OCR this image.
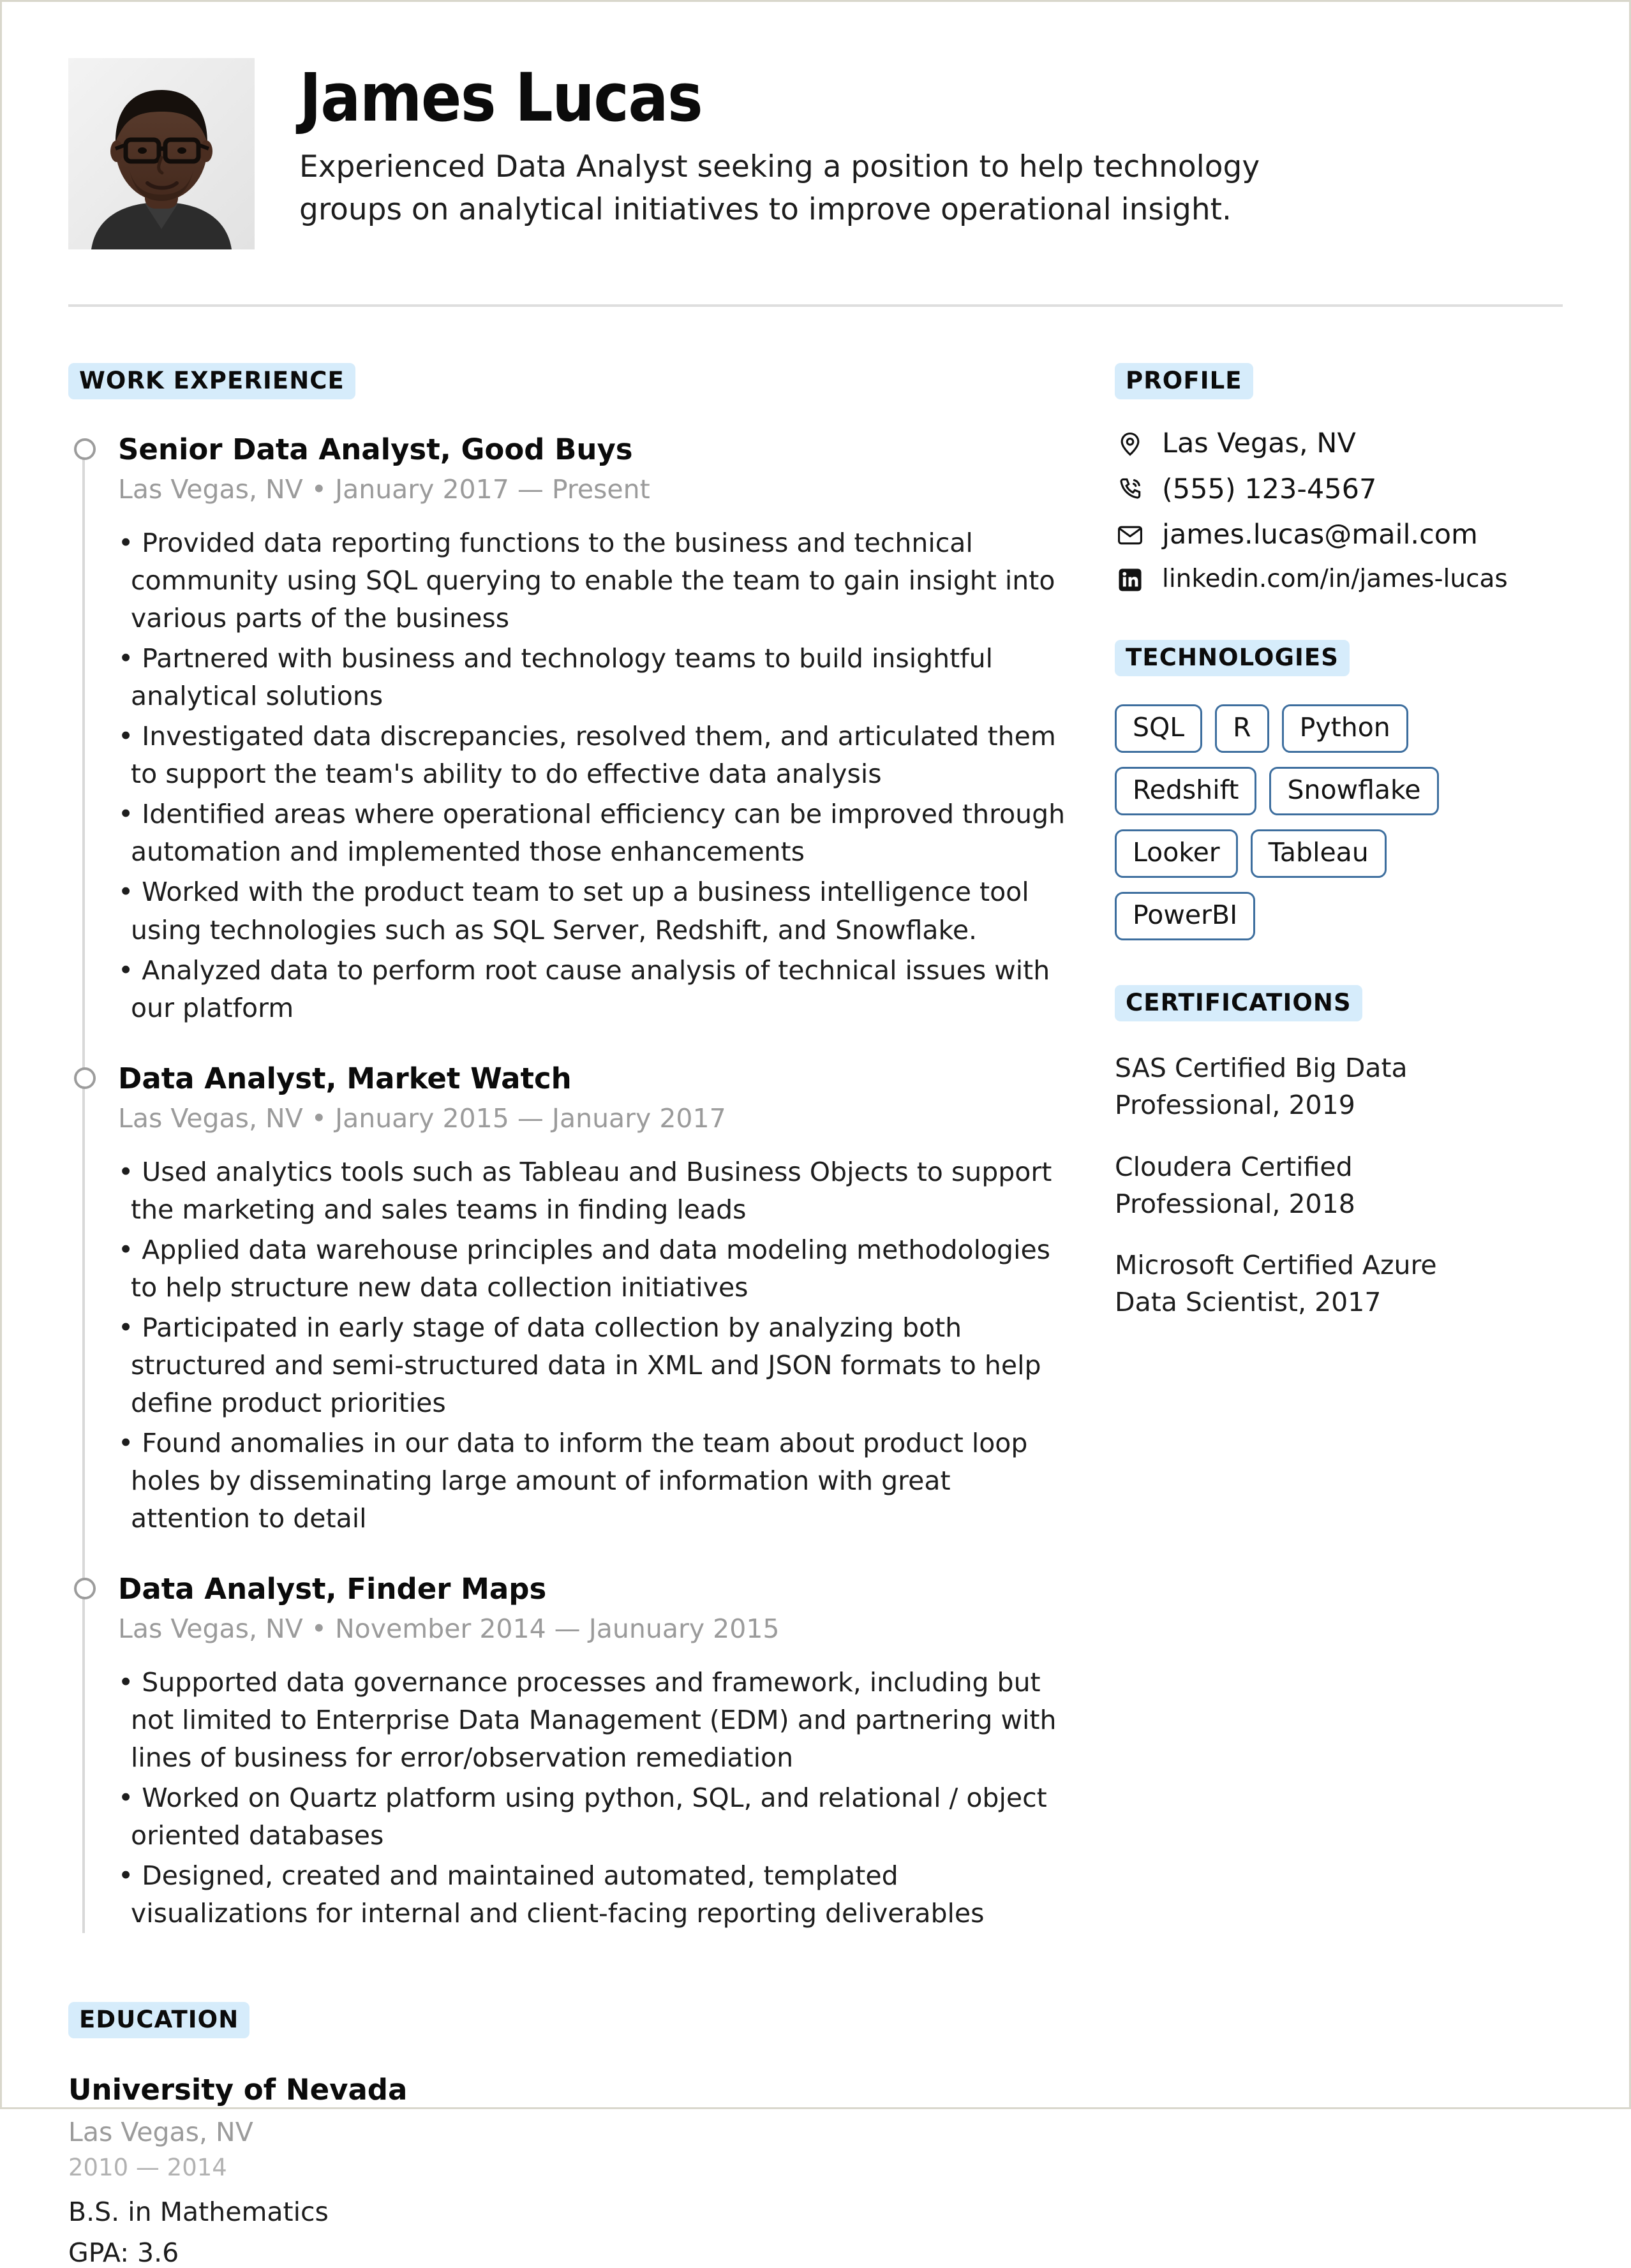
James Lucas

Experienced Data Analyst seeking a position to help technology groups on analytical initiatives to improve operational insight.

WORK EXPERIENCE
Senior Data Analyst, Good Buys
Las Vegas, NV • January 2017 — Present
• Provided data reporting functions to the business and technical community using SQL querying to enable the team to gain insight into various parts of the business
• Partnered with business and technology teams to build insightful analytical solutions
• Investigated data discrepancies, resolved them, and articulated them to support the team's ability to do effective data analysis
• Identified areas where operational efficiency can be improved through automation and implemented those enhancements
• Worked with the product team to set up a business intelligence tool using technologies such as SQL Server, Redshift, and Snowflake.
• Analyzed data to perform root cause analysis of technical issues with our platform
Data Analyst, Market Watch
Las Vegas, NV • January 2015 — January 2017
• Used analytics tools such as Tableau and Business Objects to support the marketing and sales teams in finding leads
• Applied data warehouse principles and data modeling methodologies to help structure new data collection initiatives
• Participated in early stage of data collection by analyzing both structured and semi-structured data in XML and JSON formats to help define product priorities
• Found anomalies in our data to inform the team about product loop holes by disseminating large amount of information with great attention to detail
Data Analyst, Finder Maps
Las Vegas, NV • November 2014 — Jaunuary 2015
• Supported data governance processes and framework, including but not limited to Enterprise Data Management (EDM) and partnering with lines of business for error/observation remediation
• Worked on Quartz platform using python, SQL, and relational / object oriented databases
• Designed, created and maintained automated, templated visualizations for internal and client-facing reporting deliverables
EDUCATION
University of Nevada
Las Vegas, NV
2010 — 2014
B.S. in Mathematics
GPA: 3.6
PROFILE
Las Vegas, NV
(555) 123-4567
james.lucas@mail.com
linkedin.com/in/james-lucas
TECHNOLOGIES
SQL	R	Python
Redshift	Snowflake
Looker	Tableau
PowerBI
CERTIFICATIONS

SAS Certified Big Data Professional, 2019

Cloudera Certified Professional, 2018

Microsoft Certified Azure Data Scientist, 2017
